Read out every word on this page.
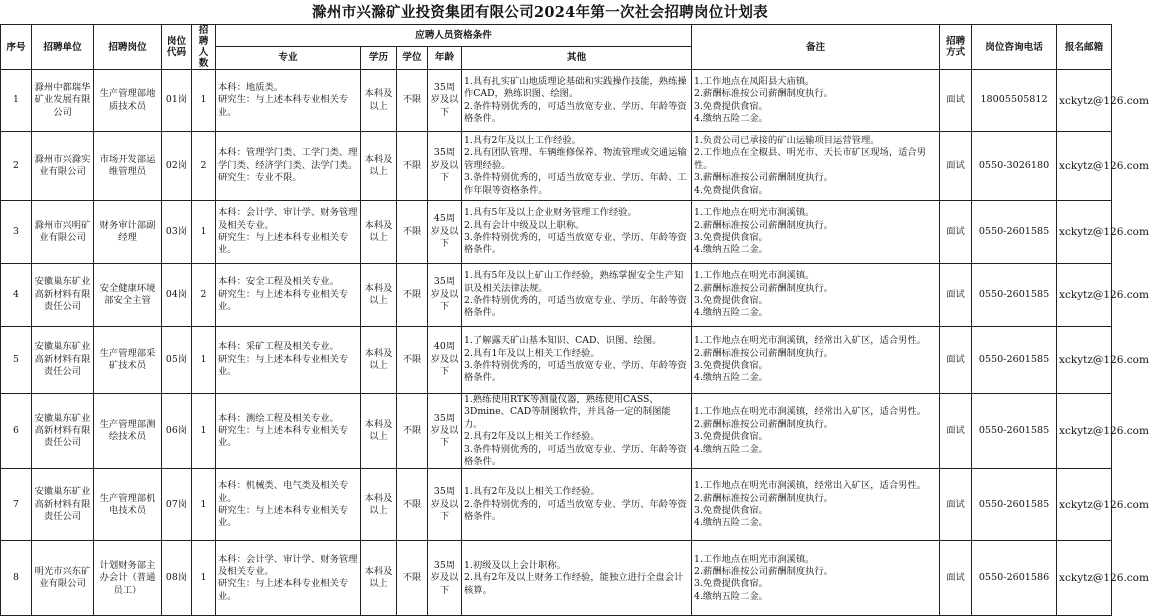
滁州市兴滁矿业投资集团有限公司2024年第一次社会招聘岗位计划表
序号	招聘单位	招聘岗位	岗位代码	招聘人数	应聘人员资格条件					备注	招聘方式	岗位咨询电话	报名邮箱
					专业	学历	学位	年龄	其他				
1	滁州中都瑞华矿业发展有限公司	生产管理部地质技术员	01岗	1	本科：地质类。
研究生：与上述本科专业相关专业。	本科及以上	不限	35周岁及以下	1.具有扎实矿山地质理论基础和实践操作技能，熟练操作CAD，熟练识图、绘图。
2.条件特别优秀的，可适当放宽专业、学历、年龄等资格条件。	1.工作地点在凤阳县大庙镇。
2.薪酬标准按公司薪酬制度执行。
3.免费提供食宿。
4.缴纳五险二金。	面试	18005505812	xckytz@126.com
2	滁州市兴滁实业有限公司	市场开发部运维管理员	02岗	2	本科：管理学门类、工学门类、理学门类、经济学门类、法学门类。
研究生：专业不限。	本科及以上	不限	35周岁及以下	1.具有2年及以上工作经验。
2.具有团队管理、车辆维修保养、物流管理或交通运输管理经验。
3.条件特别优秀的，可适当放宽专业、学历、年龄、工作年限等资格条件。	1.负责公司已承接的矿山运输项目运营管理。
2.工作地点在全椒县、明光市、天长市矿区现场，适合男性。
3.薪酬标准按公司薪酬制度执行。
4.免费提供食宿。	面试	0550-3026180	xckytz@126.com
3	滁州市兴明矿业有限公司	财务审计部副经理	03岗	1	本科：会计学、审计学、财务管理及相关专业。
研究生：与上述本科专业相关专业。	本科及以上	不限	45周岁及以下	1.具有5年及以上企业财务管理工作经验。
2.具有会计中级及以上职称。
3.条件特别优秀的，可适当放宽专业、学历、年龄等资格条件。	1.工作地点在明光市涧溪镇。
2.薪酬标准按公司薪酬制度执行。
3.免费提供食宿。
4.缴纳五险二金。	面试	0550-2601585	xckytz@126.com
4	安徽巢东矿业高新材料有限责任公司	安全健康环境部安全主管	04岗	2	本科：安全工程及相关专业。
研究生：与上述本科专业相关专业。	本科及以上	不限	35周岁及以下	1.具有5年及以上矿山工作经验，熟练掌握安全生产知识及相关法律法规。
2.条件特别优秀的，可适当放宽专业、学历、年龄等资格条件。	1.工作地点在明光市涧溪镇。
2.薪酬标准按公司薪酬制度执行。
3.免费提供食宿。
4.缴纳五险二金。	面试	0550-2601585	xckytz@126.com
5	安徽巢东矿业高新材料有限责任公司	生产管理部采矿技术员	05岗	1	本科：采矿工程及相关专业。
研究生：与上述本科专业相关专业。	本科及以上	不限	40周岁及以下	1.了解露天矿山基本知识、CAD、识图、绘图。
2.具有1年及以上相关工作经验。
3.条件特别优秀的，可适当放宽专业、学历、年龄等资格条件。	1.工作地点在明光市涧溪镇，经常出入矿区，适合男性。
2.薪酬标准按公司薪酬制度执行。
3.免费提供食宿。
4.缴纳五险二金。	面试	0550-2601585	xckytz@126.com
6	安徽巢东矿业高新材料有限责任公司	生产管理部测绘技术员	06岗	1	本科：测绘工程及相关专业。
研究生：与上述本科专业相关专业。	本科及以上	不限	35周岁及以下	1.熟练使用RTK等测量仪器，熟练使用CASS、3Dmine、CAD等制图软件，并具备一定的制图能力。
2.具有2年及以上相关工作经验。
3.条件特别优秀的，可适当放宽专业、学历、年龄等资格条件。	1.工作地点在明光市涧溪镇，经常出入矿区，适合男性。
2.薪酬标准按公司薪酬制度执行。
3.免费提供食宿。
4.缴纳五险二金。	面试	0550-2601585	xckytz@126.com
7	安徽巢东矿业高新材料有限责任公司	生产管理部机电技术员	07岗	1	本科：机械类、电气类及相关专业。
研究生：与上述本科专业相关专业。	本科及以上	不限	35周岁及以下	1.具有2年及以上相关工作经验。
2.条件特别优秀的，可适当放宽专业、学历、年龄等资格条件。	1.工作地点在明光市涧溪镇，经常出入矿区，适合男性。
2.薪酬标准按公司薪酬制度执行。
3.免费提供食宿。
4.缴纳五险二金。	面试	0550-2601585	xckytz@126.com
8	明光市兴东矿业有限公司	计划财务部主办会计（普通员工）	08岗	1	本科：会计学、审计学、财务管理及相关专业。
研究生：与上述本科专业相关专业。	本科及以上	不限	35周岁及以下	1.初级及以上会计职称。
2.具有2年及以上财务工作经验，能独立进行全盘会计核算。	1.工作地点在明光市涧溪镇。
2.薪酬标准按公司薪酬制度执行。
3.免费提供食宿。
4.缴纳五险二金。	面试	0550-2601586	xckytz@126.com
